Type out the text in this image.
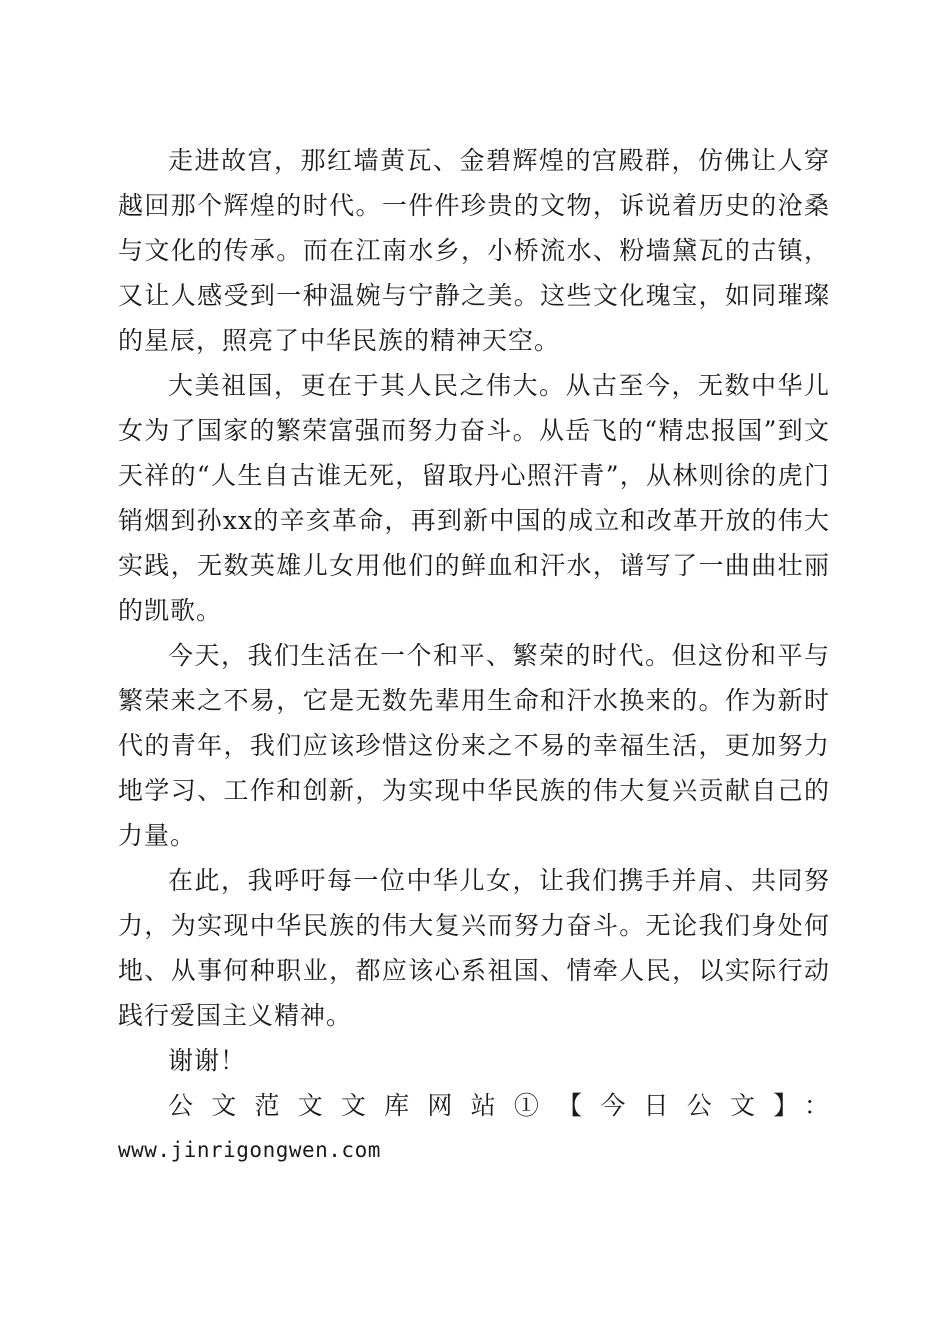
走进故宫，那红墙黄瓦、金碧辉煌的宫殿群，仿佛让人穿越回那个辉煌的时代。一件件珍贵的文物，诉说着历史的沧桑与文化的传承。而在江南水乡，小桥流水、粉墙黛瓦的古镇，又让人感受到一种温婉与宁静之美。这些文化瑰宝，如同璀璨的星辰，照亮了中华民族的精神天空。

大美祖国，更在于其人民之伟大。从古至今，无数中华儿女为了国家的繁荣富强而努力奋斗。从岳飞的“精忠报国”到文天祥的“人生自古谁无死，留取丹心照汗青”，从林则徐的虎门销烟到孙xx的辛亥革命，再到新中国的成立和改革开放的伟大实践，无数英雄儿女用他们的鲜血和汗水，谱写了一曲曲壮丽的凯歌。

今天，我们生活在一个和平、繁荣的时代。但这份和平与繁荣来之不易，它是无数先辈用生命和汗水换来的。作为新时代的青年，我们应该珍惜这份来之不易的幸福生活，更加努力地学习、工作和创新，为实现中华民族的伟大复兴贡献自己的力量。

在此，我呼吁每一位中华儿女，让我们携手并肩、共同努力，为实现中华民族的伟大复兴而努力奋斗。无论我们身处何地、从事何种职业，都应该心系祖国、情牵人民，以实际行动践行爱国主义精神。

谢谢！

公文范文文库网站①【今日公文】：

www.jinrigongwen.com
